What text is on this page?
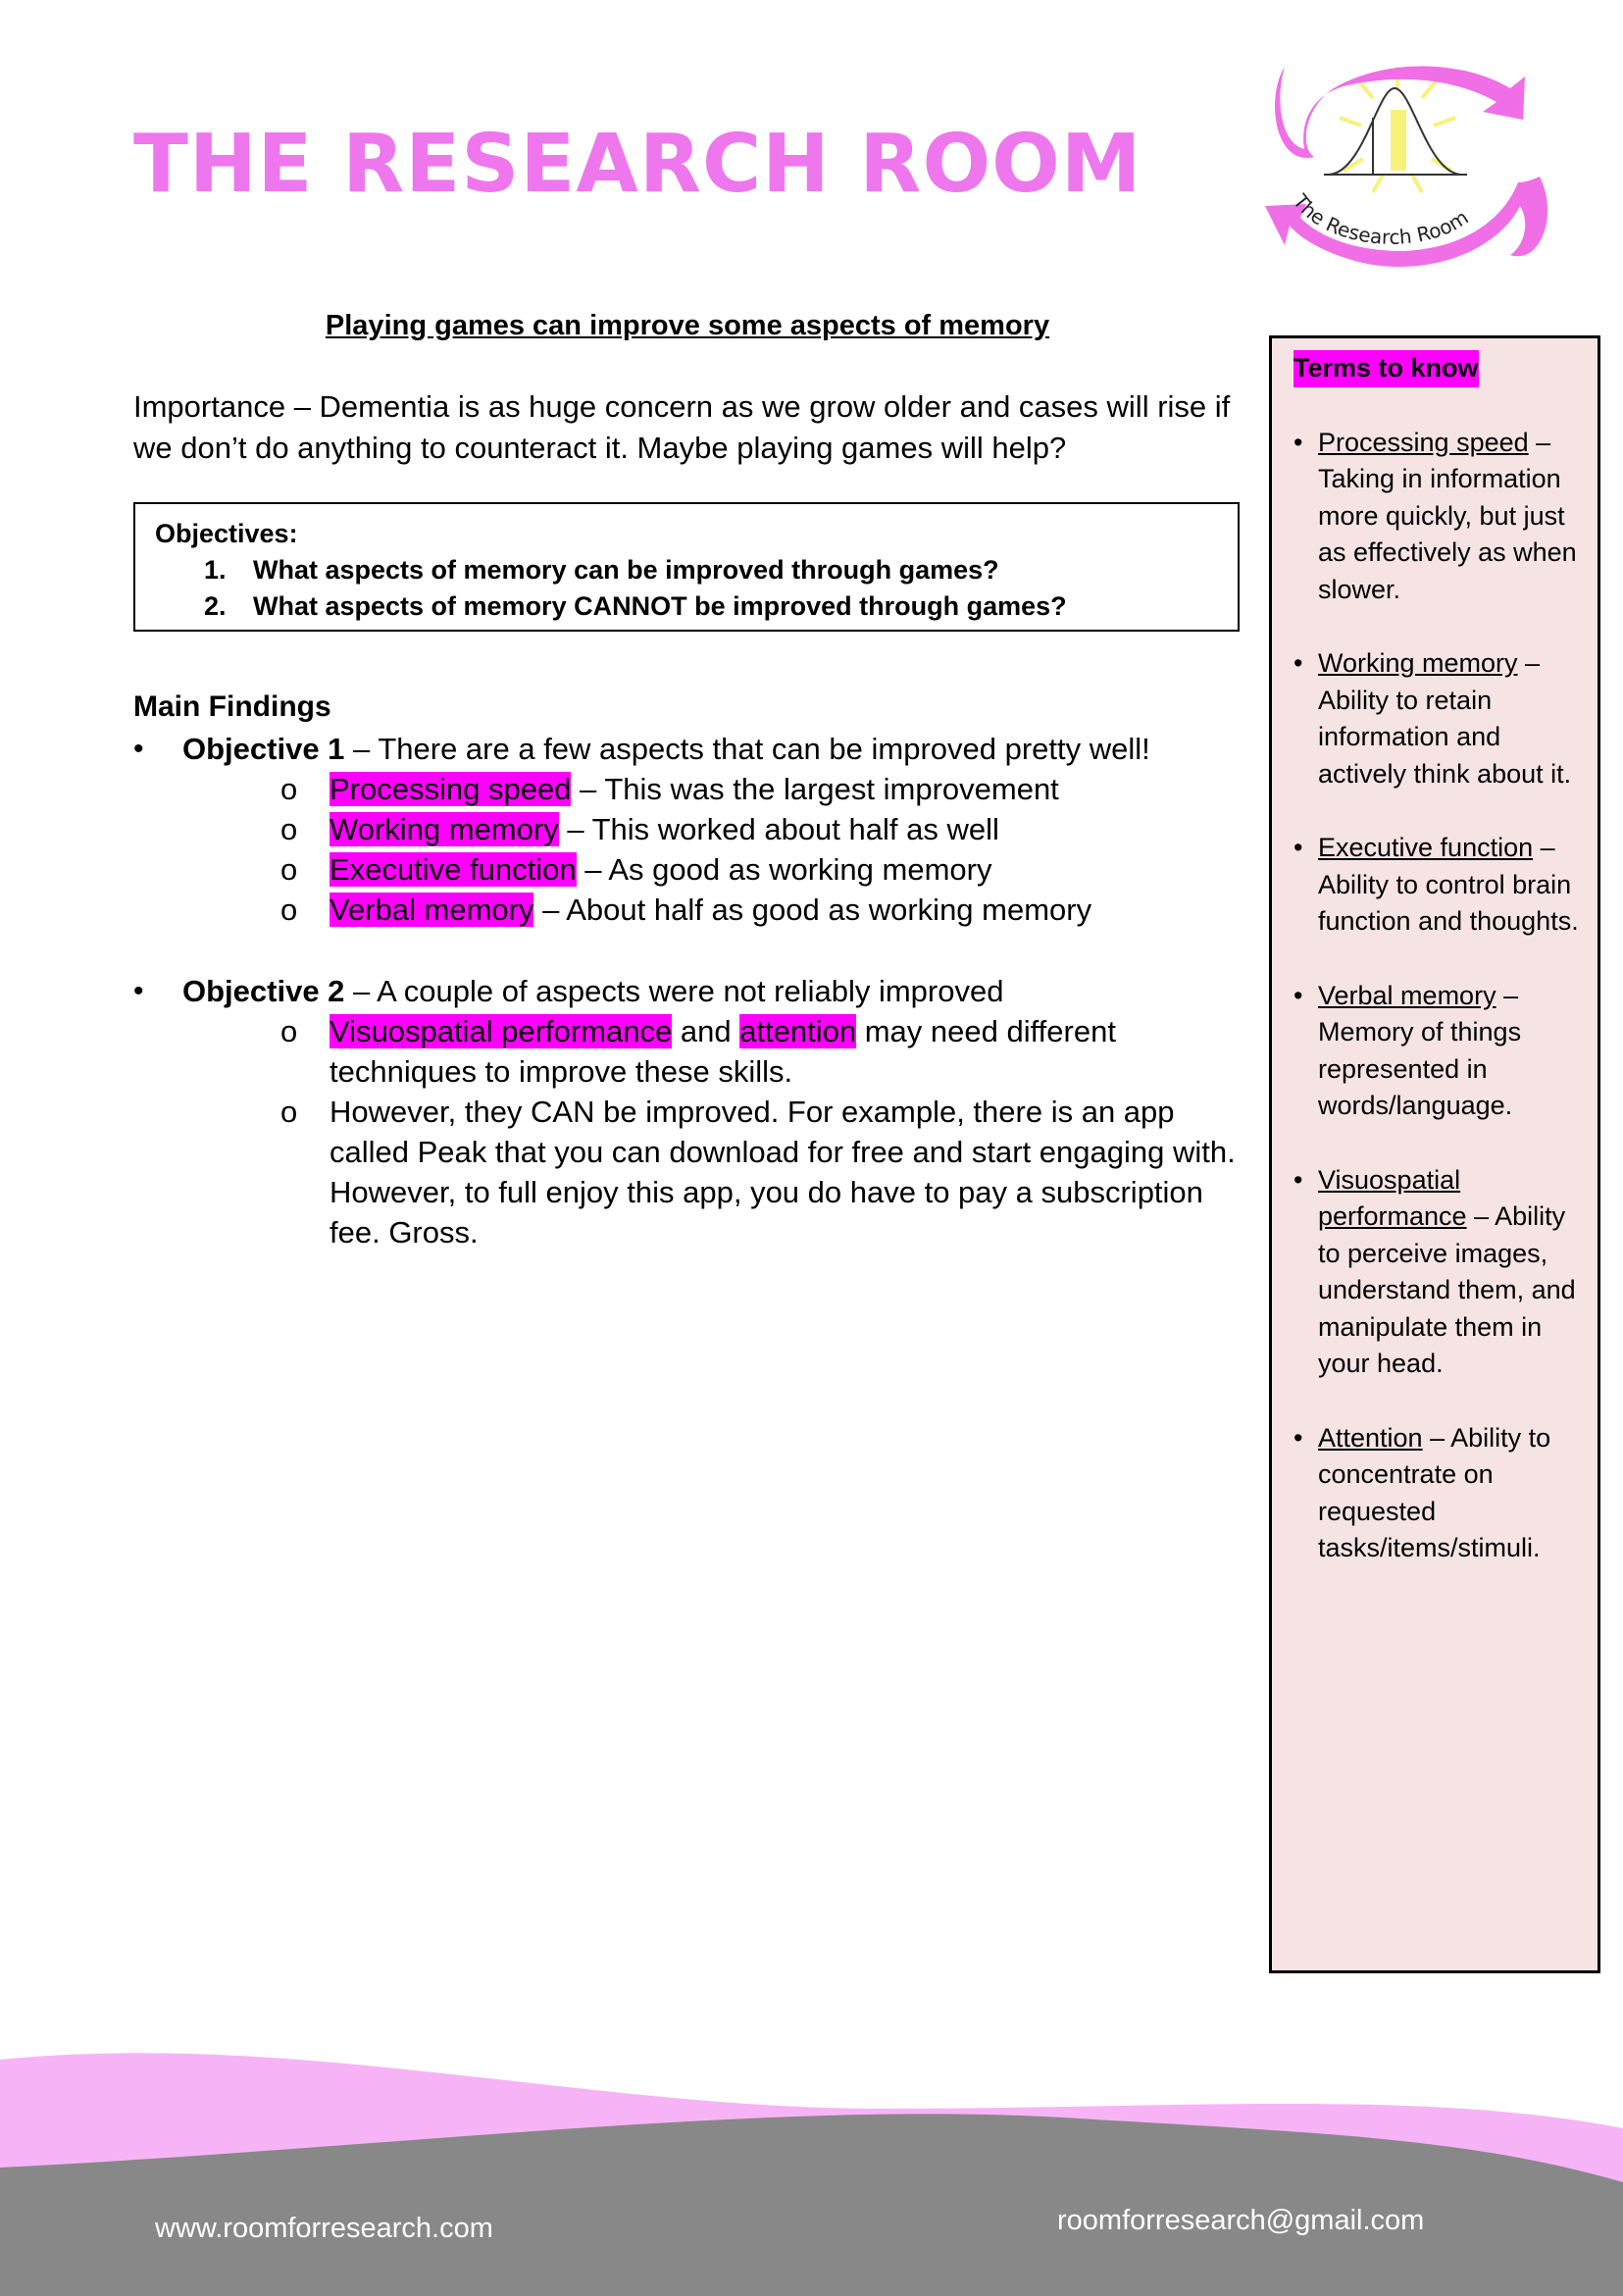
THE RESEARCH ROOM	The Research Room
Playing games can improve some aspects of memory
Importance – Dementia is as huge concern as we grow older and cases will rise if we don’t do anything to counteract it. Maybe playing games will help?
Objectives:
1. What aspects of memory can be improved through games?
2. What aspects of memory CANNOT be improved through games?
Main Findings
• Objective 1 – There are a few aspects that can be improved pretty well!
o Processing speed – This was the largest improvement
o Working memory – This worked about half as well
o Executive function – As good as working memory
o Verbal memory – About half as good as working memory
• Objective 2 – A couple of aspects were not reliably improved
o Visuospatial performance and attention may need different techniques to improve these skills.
o However, they CAN be improved. For example, there is an app called Peak that you can download for free and start engaging with. However, to full enjoy this app, you do have to pay a subscription fee. Gross.
Terms to know
• Processing speed – Taking in information more quickly, but just as effectively as when slower.
• Working memory – Ability to retain information and actively think about it.
• Executive function – Ability to control brain function and thoughts.
• Verbal memory – Memory of things represented in words/language.
• Visuospatial performance – Ability to perceive images, understand them, and manipulate them in your head.
• Attention – Ability to concentrate on requested tasks/items/stimuli.
www.roomforresearch.com	roomforresearch@gmail.com
